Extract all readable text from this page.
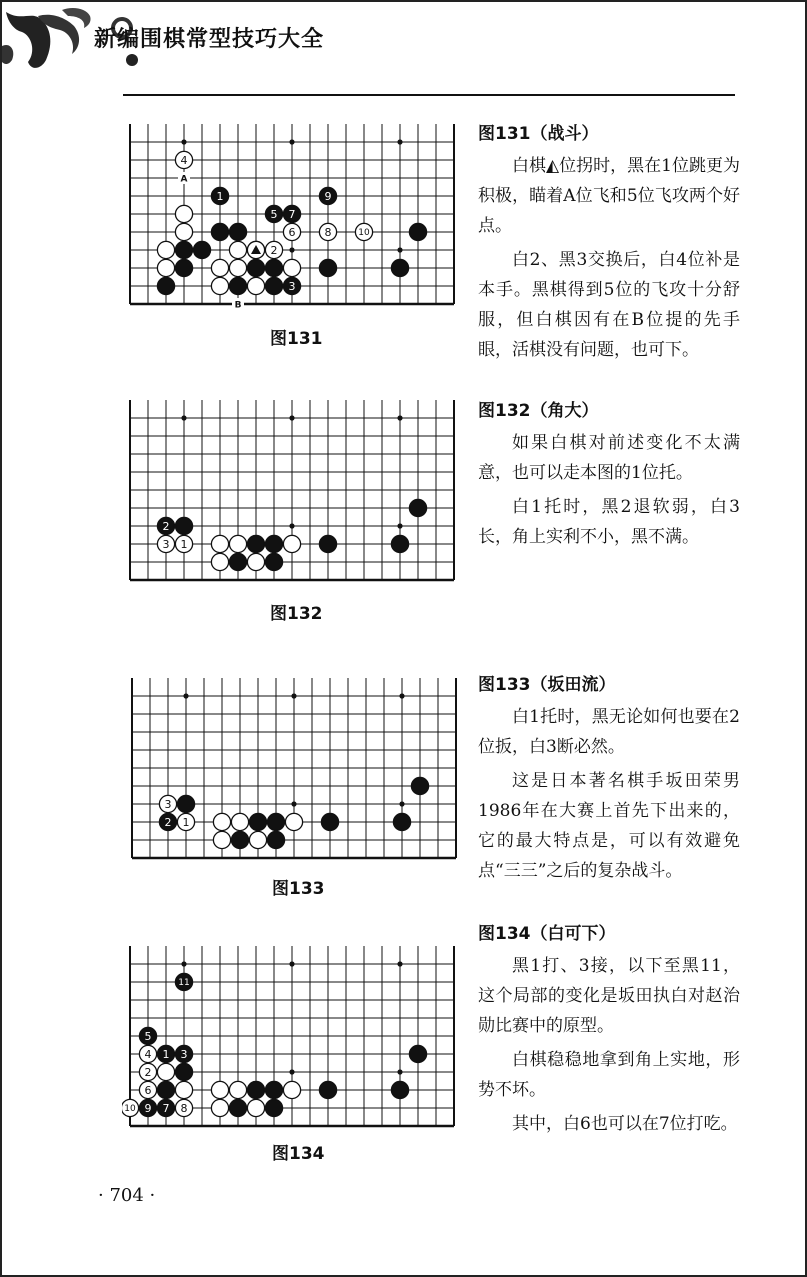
新编围棋常型技巧大全
A
B
4
1	9
5 7
6	8	10
2
3
图131
图131（战斗）

白棋◭位拐时，黑在1位跳更为积极，瞄着A位飞和5位飞攻两个好点。

白2、黑3交换后，白4位补是本手。黑棋得到5位的飞攻十分舒服，但白棋因有在B位提的先手眼，活棋没有问题，也可下。

2
3 1
图132
图132（角大）

如果白棋对前述变化不太满意，也可以走本图的1位托。

白1托时，黑2退软弱，白3长，角上实利不小，黑不满。

3
2 1
图133
图133（坂田流）

白1托时，黑无论如何也要在2位扳，白3断必然。

这是日本著名棋手坂田荣男1986年在大赛上首先下出来的，它的最大特点是，可以有效避免点“三三”之后的复杂战斗。

11
5
4 1 3
2
6
10 9 7 8
图134
图134（白可下）

黑1打、3接，以下至黑11，这个局部的变化是坂田执白对赵治勋比赛中的原型。

白棋稳稳地拿到角上实地，形势不坏。

其中，白6也可以在7位打吃。

· 704 ·
